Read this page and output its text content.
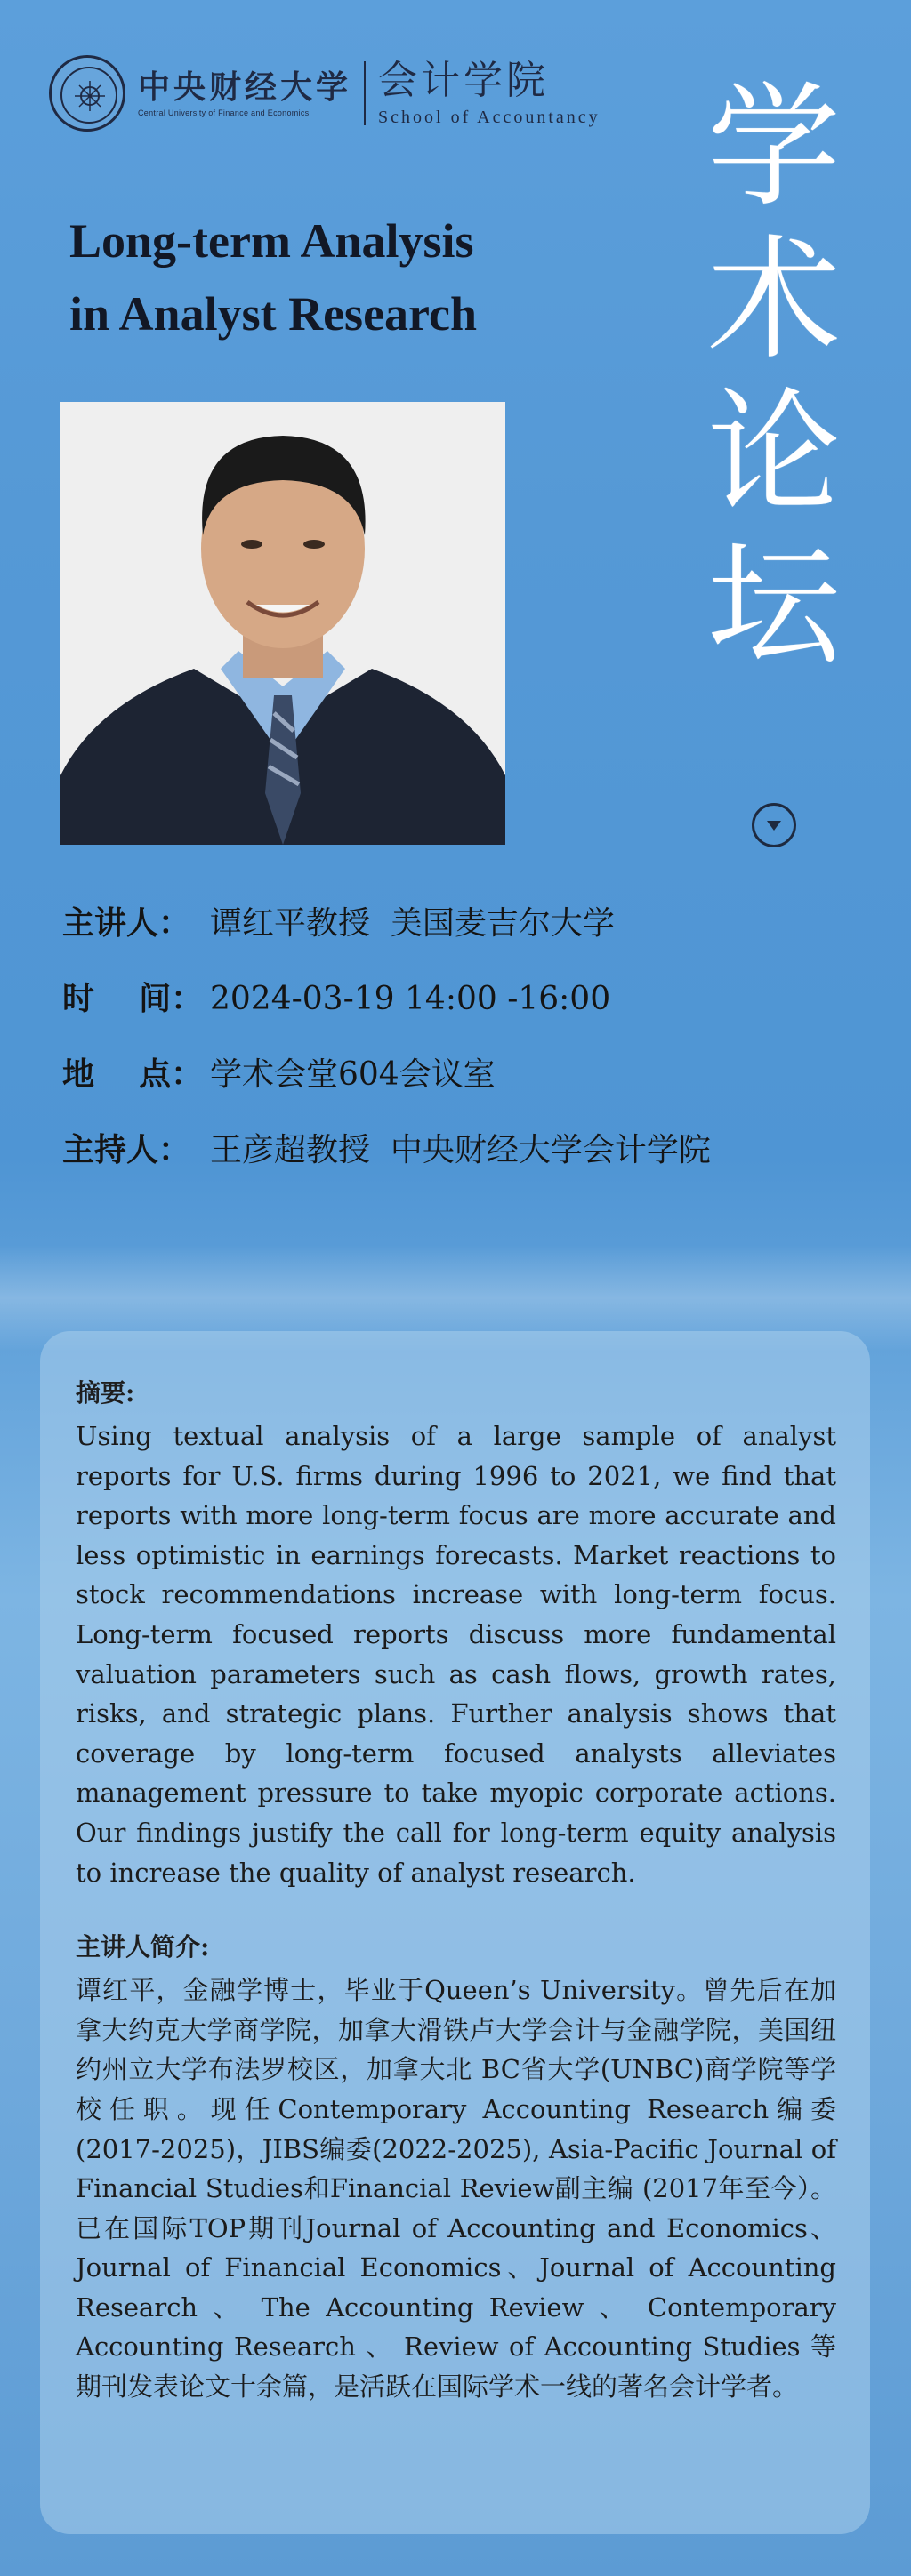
中央财经大学
Central University of Finance and Economics
会计学院
School of Accountancy
Long-term Analysis
in Analyst Research
学
术
论
坛
主讲人： 谭红平教授  美国麦吉尔大学
时    间： 2024-03-19 14:00 -16:00
地    点： 学术会堂604会议室
主持人： 王彦超教授  中央财经大学会计学院
摘要:

Using textual analysis of a large sample of analyst reports for U.S. firms during 1996 to 2021, we find that reports with more long-term focus are more accurate and less optimistic in earnings forecasts. Market reactions to stock recommendations increase with long-term focus. Long-term focused reports discuss more fundamental valuation parameters such as cash flows, growth rates, risks, and strategic plans. Further analysis shows that coverage by long-term focused analysts alleviates management pressure to take myopic corporate actions. Our findings justify the call for long-term equity analysis to increase the quality of analyst research.

主讲人简介:

谭红平，金融学博士，毕业于Queen’s University。曾先后在加拿大约克大学商学院，加拿大滑铁卢大学会计与金融学院，美国纽约州立大学布法罗校区，加拿大北 BC省大学(UNBC)商学院等学校任职。现任Contemporary Accounting Research编委(2017-2025)，JIBS编委(2022-2025), Asia-Pacific Journal of Financial Studies和Financial Review副主编 (2017年至今）。已在国际TOP期刊Journal of Accounting and Economics、Journal of Financial Economics、Journal of Accounting Research 、 The Accounting Review 、 Contemporary Accounting Research 、 Review of Accounting Studies 等期刊发表论文十余篇，是活跃在国际学术一线的著名会计学者。
